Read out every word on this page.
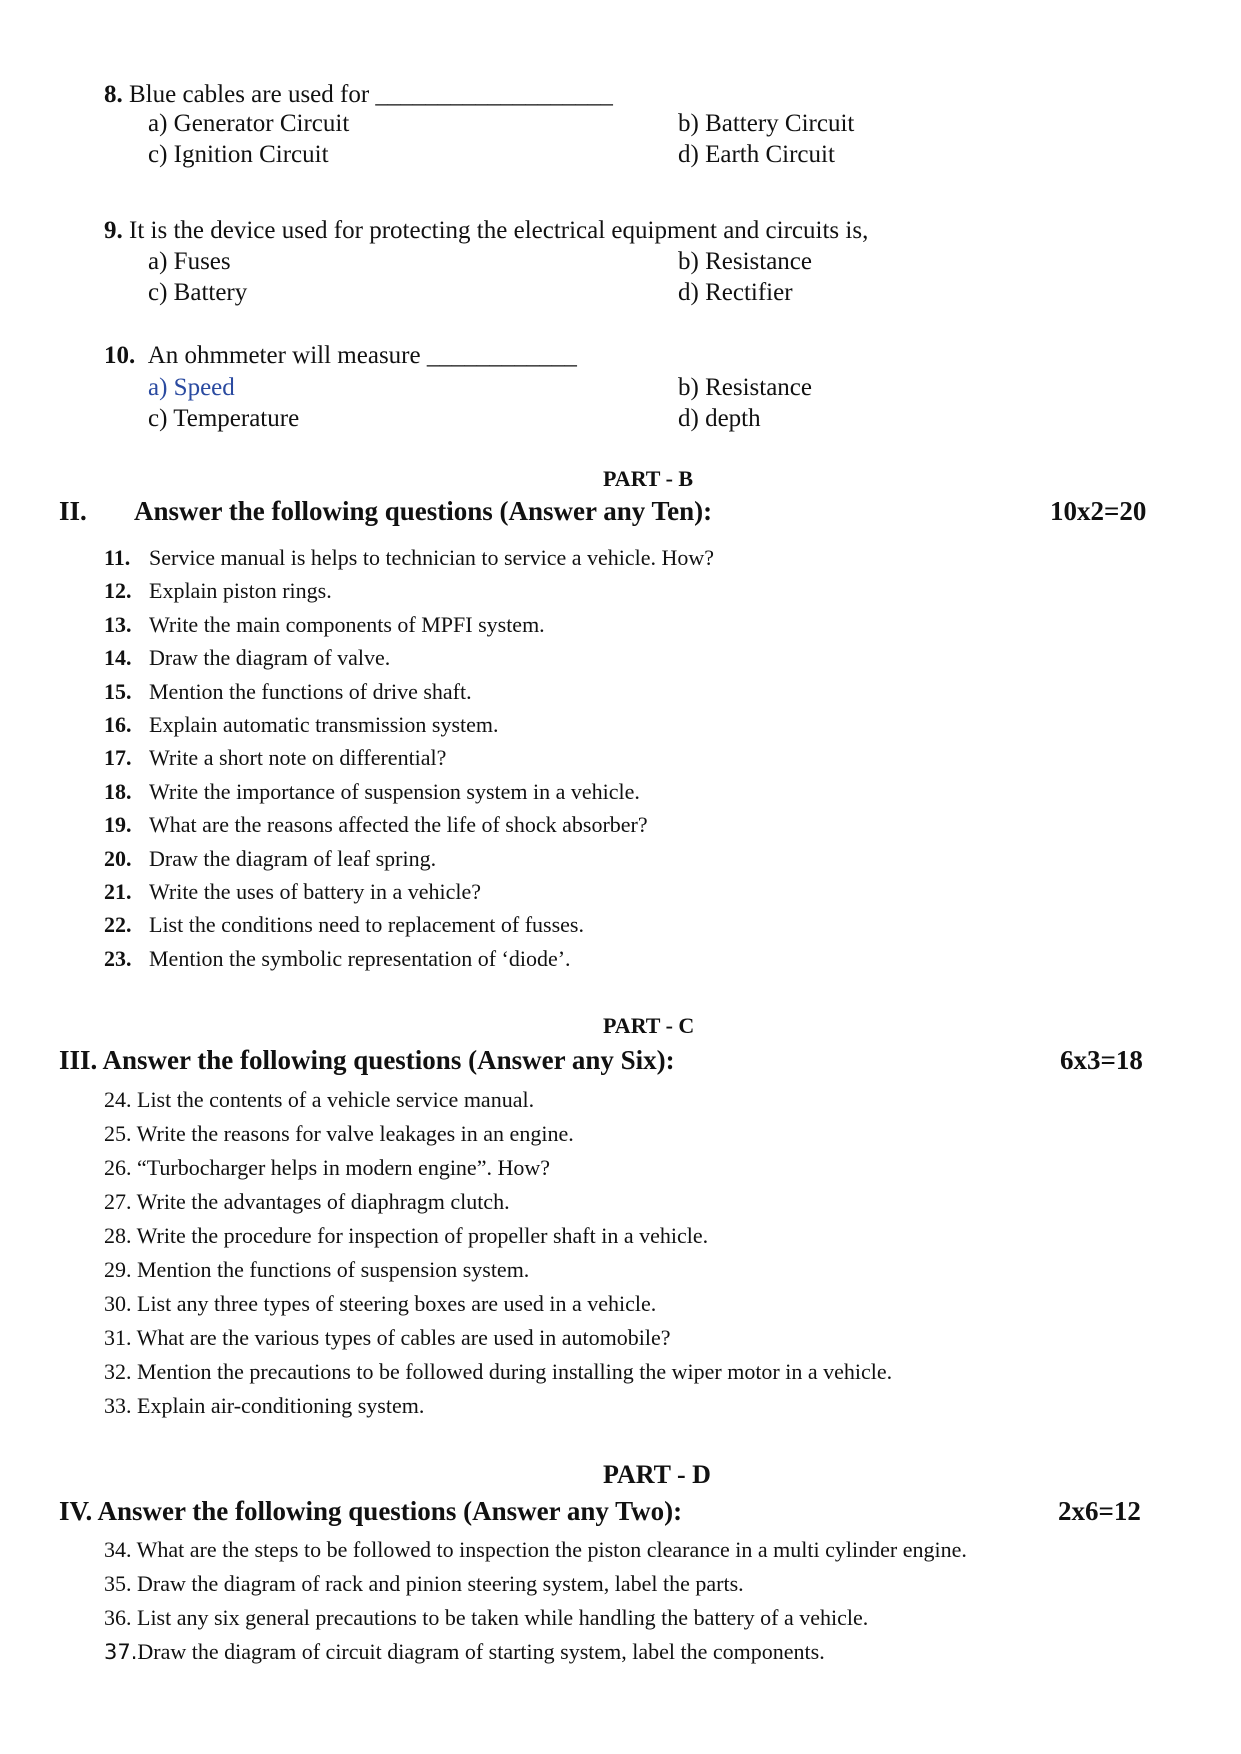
8. Blue cables are used for ___________________
a) Generator Circuit	b) Battery Circuit
c) Ignition Circuit	d) Earth Circuit
9. It is the device used for protecting the electrical equipment and circuits is,
a) Fuses	b) Resistance
c) Battery	d) Rectifier
10. An ohmmeter will measure ____________
a) Speed	b) Resistance
c) Temperature	d) depth
PART - B
II. Answer the following questions (Answer any Ten):	10x2=20
11. Service manual is helps to technician to service a vehicle. How?
12. Explain piston rings.
13. Write the main components of MPFI system.
14. Draw the diagram of valve.
15. Mention the functions of drive shaft.
16. Explain automatic transmission system.
17. Write a short note on differential?
18. Write the importance of suspension system in a vehicle.
19. What are the reasons affected the life of shock absorber?
20. Draw the diagram of leaf spring.
21. Write the uses of battery in a vehicle?
22. List the conditions need to replacement of fusses.
23. Mention the symbolic representation of ‘diode’.
PART - C
III. Answer the following questions (Answer any Six):	6x3=18
24. List the contents of a vehicle service manual.
25. Write the reasons for valve leakages in an engine.
26. “Turbocharger helps in modern engine”. How?
27. Write the advantages of diaphragm clutch.
28. Write the procedure for inspection of propeller shaft in a vehicle.
29. Mention the functions of suspension system.
30. List any three types of steering boxes are used in a vehicle.
31. What are the various types of cables are used in automobile?
32. Mention the precautions to be followed during installing the wiper motor in a vehicle.
33. Explain air-conditioning system.
PART - D
IV. Answer the following questions (Answer any Two):	2x6=12
34. What are the steps to be followed to inspection the piston clearance in a multi cylinder engine.
35. Draw the diagram of rack and pinion steering system, label the parts.
36. List any six general precautions to be taken while handling the battery of a vehicle.
37.Draw the diagram of circuit diagram of starting system, label the components.
